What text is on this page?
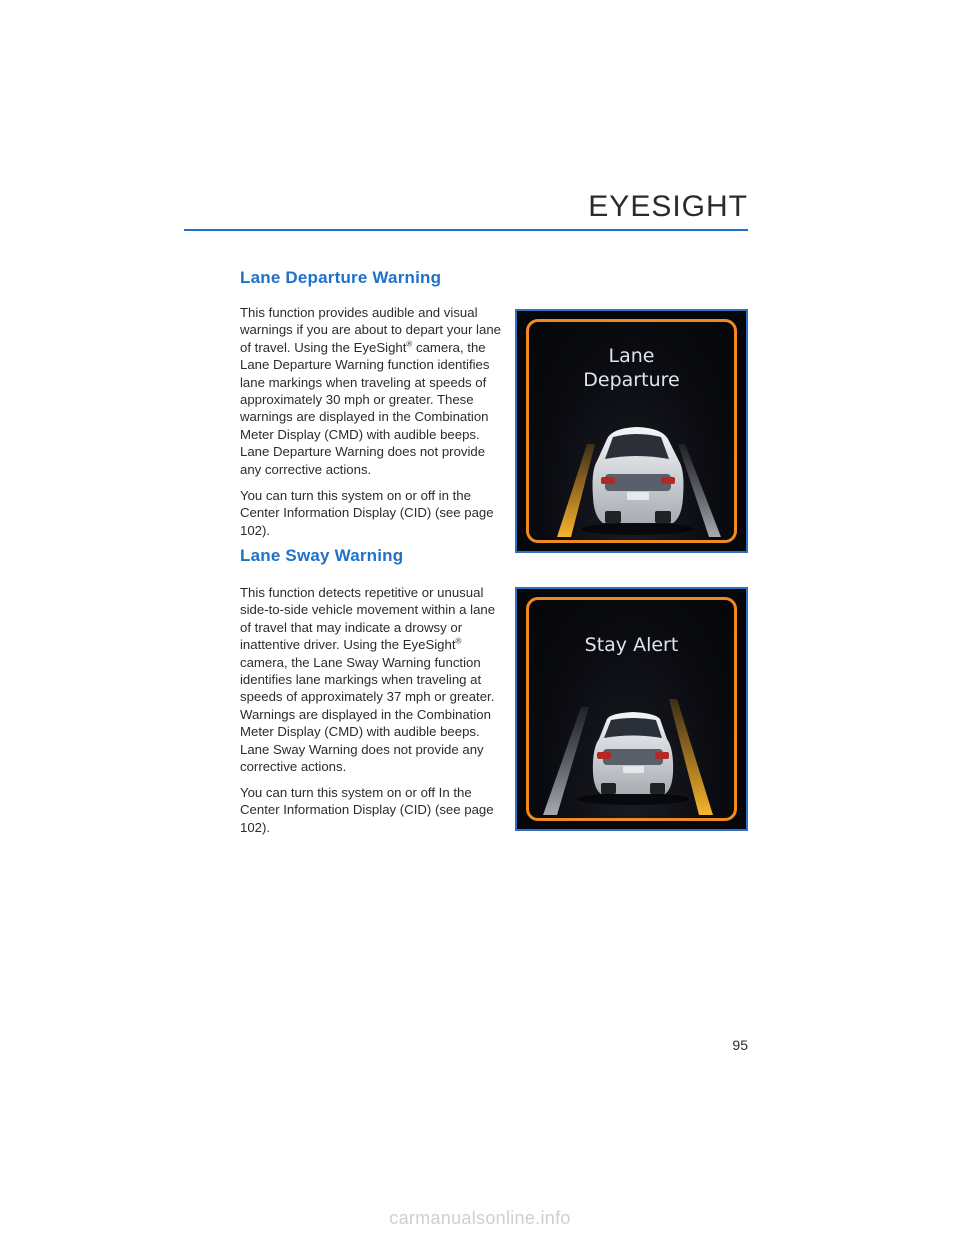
EYESIGHT
Lane Departure Warning

This function provides audible and visual warnings if you are about to depart your lane of travel. Using the EyeSight® camera, the Lane Departure Warning function identifies lane markings when traveling at speeds of approximately 30 mph or greater. These warnings are displayed in the Combination Meter Display (CMD) with audible beeps. Lane Departure Warning does not provide any corrective actions.

You can turn this system on or off in the Center Information Display (CID) (see page 102).

Lane
Departure
Lane Sway Warning

This function detects repetitive or unusual side-to-side vehicle movement within a lane of travel that may indicate a drowsy or inattentive driver. Using the EyeSight® camera, the Lane Sway Warning function identifies lane markings when traveling at speeds of approximately 37 mph or greater. Warnings are displayed in the Combination Meter Display (CMD) with audible beeps. Lane Sway Warning does not provide any corrective actions.

You can turn this system on or off In the Center Information Display (CID) (see page 102).

Stay Alert
95
carmanualsonline.info
